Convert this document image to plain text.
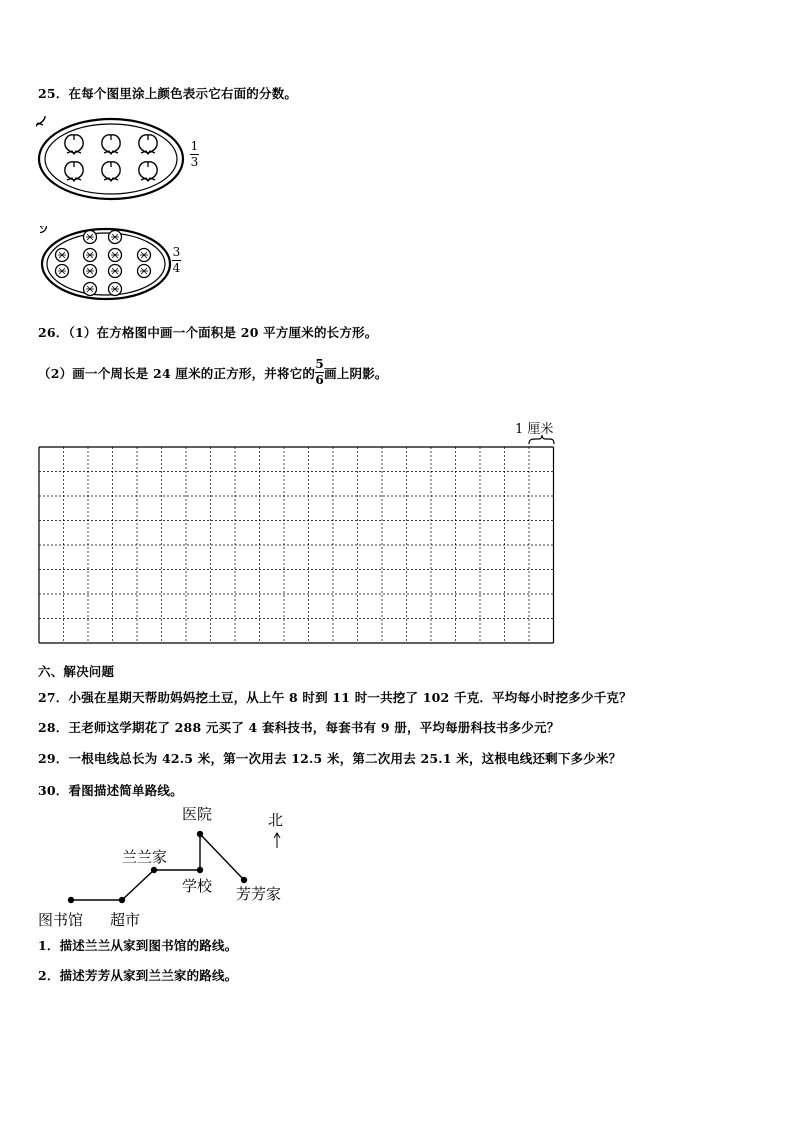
25．在每个图里涂上颜色表示它右面的分数。
1
3
3
4
26．（1）在方格图中画一个面积是 20 平方厘米的长方形。
（2）画一个周长是 24 厘米的正方形，并将它的 $\frac{5}{6}$ 画上阴影。
1 厘米
六、解决问题
27．小强在星期天帮助妈妈挖土豆，从上午 8 时到 11 时一共挖了 102 千克．平均每小时挖多少千克？
28．王老师这学期花了 288 元买了 4 套科技书，每套书有 9 册，平均每册科技书多少元？
29．一根电线总长为 42.5 米，第一次用去 12.5 米，第二次用去 25.1 米，这根电线还剩下多少米？
30．看图描述简单路线。
医院	北
兰兰家
学校 芳芳家
图书馆 超市
1．描述兰兰从家到图书馆的路线。
2．描述芳芳从家到兰兰家的路线。
